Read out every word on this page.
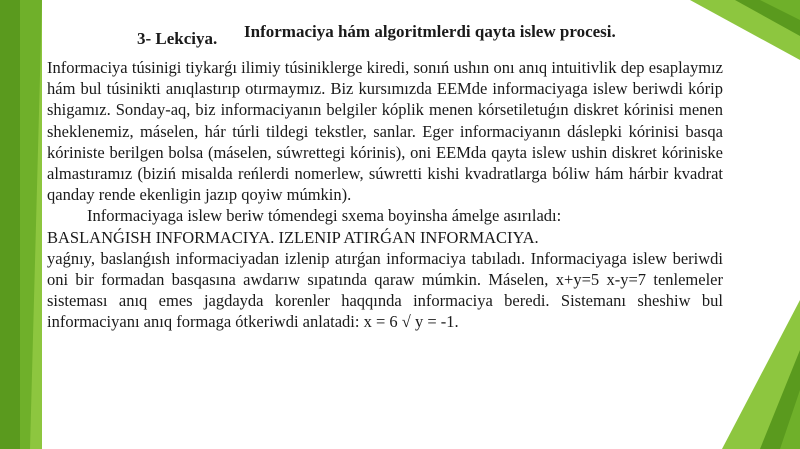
3- Lekciya. Informaciya hám algoritmlerdi qayta islew procesi.

Informaciya túsinigi tiykarǵı ilimiy túsiniklerge kiredi, sonıń ushın onı anıq intuitivlik dep esaplaymız hám bul túsinikti anıqlastırıp otırmaymız. Biz kursımızda EEMde informaciyaga islew beriwdi kórip shigamız. Sonday-aq, biz informaciyanın belgiler kóplik menen kórsetiletuǵın diskret kórinisi menen sheklenemiz, máselen, hár túrli tildegi tekstler, sanlar. Eger informaciyanın dáslepki kórinisi basqa kóriniste berilgen bolsa (máselen, súwrettegi kórinis), oni EEMda qayta islew ushin diskret kóriniske almastıramız (biziń misalda reńlerdi nomerlew, súwretti kishi kvadratlarga bóliw hám hárbir kvadrat qanday rende ekenligin jazıp qoyiw múmkin).

Informaciyaga islew beriw tómendegi sxema boyinsha ámelge asırıladı:

BASLANǴISH INFORMACIYA. IZLENIP ATIRǴAN INFORMACIYA.

yaǵnıy, baslanǵısh informaciyadan izlenip atırǵan informaciya tabıladı. Informaciyaga islew beriwdi oni bir formadan basqasına awdarıw sıpatında qaraw múmkin. Máselen, x+y=5 x-y=7 tenlemeler sisteması anıq emes jagdayda korenler haqqında informaciya beredi. Sistemanı sheshiw bul informaciyanı anıq formaga ótkeriwdi anlatadi: x = 6 √ y = -1.
